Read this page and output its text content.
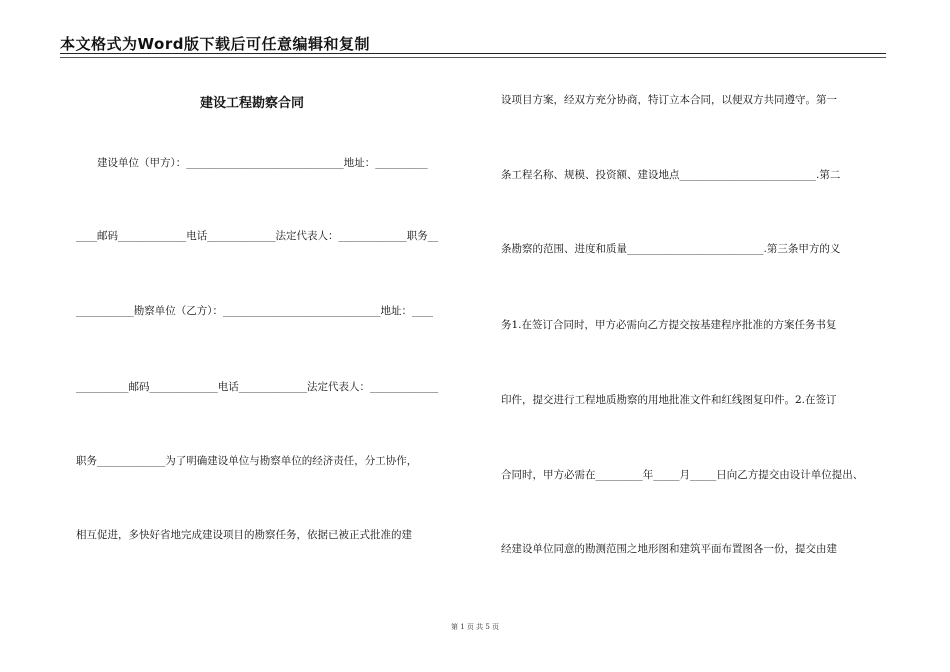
本文格式为Word版下载后可任意编辑和复制
建设工程勘察合同
　　建设单位（甲方）：______________________________地址：__________
____邮码_____________电话_____________法定代表人：_____________职务__
___________勘察单位（乙方）：______________________________地址：____
__________邮码_____________电话_____________法定代表人：_____________
职务_____________为了明确建设单位与勘察单位的经济责任，分工协作，
相互促进，多快好省地完成建设项目的勘察任务，依据已被正式批准的建
设项目方案，经双方充分协商，特订立本合同，以便双方共同遵守。第一
条工程名称、规模、投资额、建设地点__________________________.第二
条勘察的范围、进度和质量__________________________.第三条甲方的义
务1.在签订合同时，甲方必需向乙方提交按基建程序批准的方案任务书复
印件，提交进行工程地质勘察的用地批准文件和红线图复印件。2.在签订
合同时，甲方必需在_________年_____月_____日向乙方提交由设计单位提出、
经建设单位同意的勘测范围之地形图和建筑平面布置图各一份，提交由建
第 1 页 共 5 页
